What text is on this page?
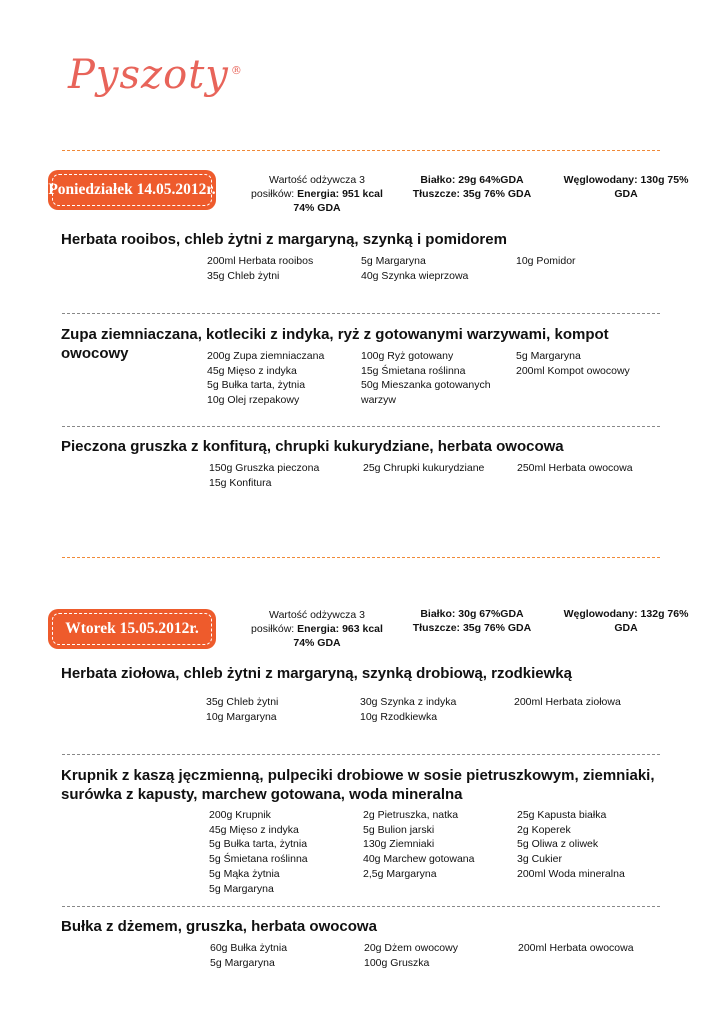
Pyszoty ®
Poniedziałek 14.05.2012r.
Wartość odżywcza 3
posiłków: Energia: 951 kcal
74% GDA
Białko: 29g 64%GDA
Tłuszcze: 35g 76% GDA
Węglowodany: 130g 75%
GDA
Herbata rooibos, chleb żytni z margaryną, szynką i pomidorem
200ml Herbata rooibos
35g Chleb żytni
5g Margaryna
40g Szynka wieprzowa
10g Pomidor
Zupa ziemniaczana, kotleciki z indyka, ryż z gotowanymi warzywami, kompot owocowy	200g Zupa ziemniaczana
45g Mięso z indyka
5g Bułka tarta, żytnia
10g Olej rzepakowy
100g Ryż gotowany
15g Śmietana roślinna
50g Mieszanka gotowanych
warzyw
5g Margaryna
200ml Kompot owocowy
Pieczona gruszka z konfiturą, chrupki kukurydziane, herbata owocowa
150g Gruszka pieczona
15g Konfitura
25g Chrupki kukurydziane	250ml Herbata owocowa
Wtorek 15.05.2012r.
Wartość odżywcza 3
posiłków: Energia: 963 kcal
74% GDA
Białko: 30g 67%GDA
Tłuszcze: 35g 76% GDA
Węglowodany: 132g 76%
GDA
Herbata ziołowa, chleb żytni z margaryną, szynką drobiową, rzodkiewką
35g Chleb żytni
10g Margaryna
30g Szynka z indyka
10g Rzodkiewka
200ml Herbata ziołowa
Krupnik z kaszą jęczmienną, pulpeciki drobiowe w sosie pietruszkowym, ziemniaki,
surówka z kapusty, marchew gotowana, woda mineralna
200g Krupnik
45g Mięso z indyka
5g Bułka tarta, żytnia
5g Śmietana roślinna
5g Mąka żytnia
5g Margaryna
2g Pietruszka, natka
5g Bulion jarski
130g Ziemniaki
40g Marchew gotowana
2,5g Margaryna
25g Kapusta białka
2g Koperek
5g Oliwa z oliwek
3g Cukier
200ml Woda mineralna
Bułka z dżemem, gruszka, herbata owocowa
60g Bułka żytnia
5g Margaryna
20g Dżem owocowy
100g Gruszka
200ml Herbata owocowa
